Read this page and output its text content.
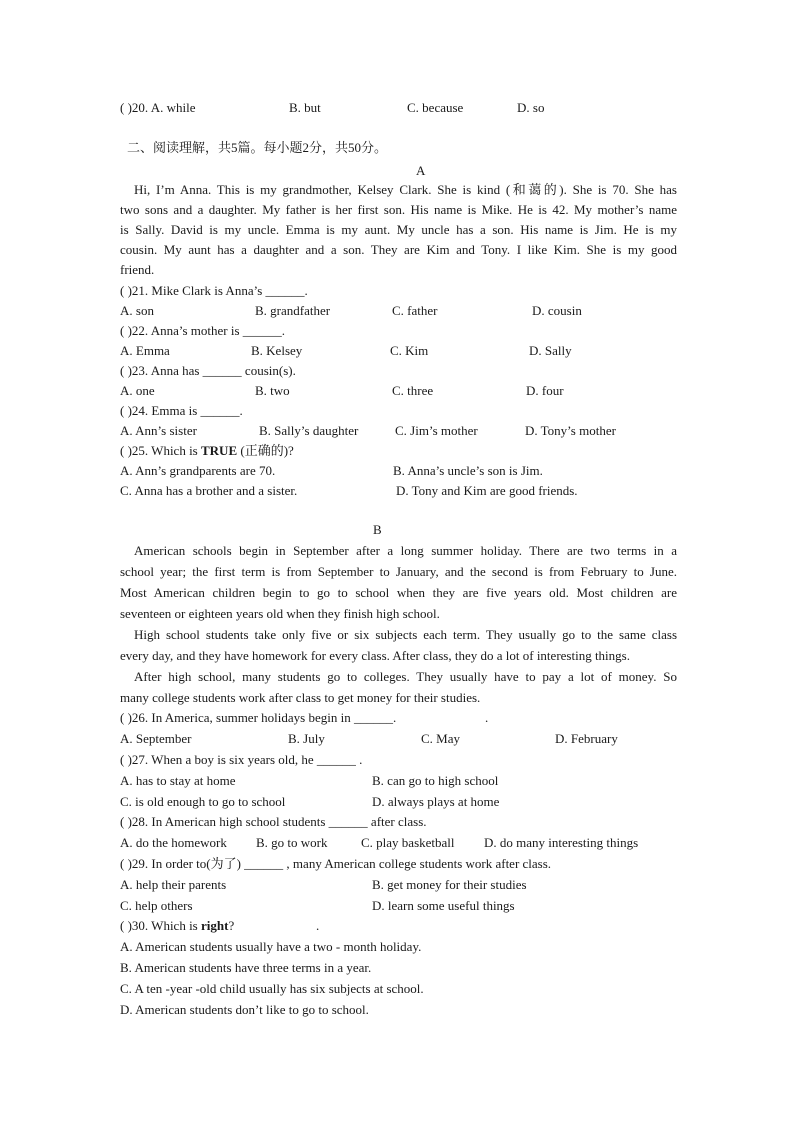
( )20. A. while	B. but	C. because	D. so
二、阅读理解，共5篇。每小题2分，共50分。
A
Hi, I’m Anna. This is my grandmother, Kelsey Clark. She is kind (和蔼的). She is 70. She has
two sons and a daughter. My father is her first son. His name is Mike. He is 42. My mother’s name
is Sally. David is my uncle. Emma is my aunt. My uncle has a son. His name is Jim. He is my
cousin. My aunt has a daughter and a son. They are Kim and Tony. I like Kim. She is my good
friend.
( )21. Mike Clark is Anna’s ______.
A. son	B. grandfather	C. father	D. cousin
( )22. Anna’s mother is ______.
A. Emma	B. Kelsey	C. Kim	D. Sally
( )23. Anna has ______ cousin(s).
A. one	B. two	C. three	D. four
( )24. Emma is ______.
A. Ann’s sister	B. Sally’s daughter	C. Jim’s mother	D. Tony’s mother
( )25. Which is TRUE (正确的)?
A. Ann’s grandparents are 70.	B. Anna’s uncle’s son is Jim.
C. Anna has a brother and a sister.	D. Tony and Kim are good friends.
B
American schools begin in September after a long summer holiday. There are two terms in a
school year; the first term is from September to January, and the second is from February to June.
Most American children begin to go to school when they are five years old. Most children are
seventeen or eighteen years old when they finish high school.
High school students take only five or six subjects each term. They usually go to the same class
every day, and they have homework for every class. After class, they do a lot of interesting things.
After high school, many students go to colleges. They usually have to pay a lot of money. So
many college students work after class to get money for their studies.
( )26. In America, summer holidays begin in ______.	.
A. September	B. July	C. May	D. February
( )27. When a boy is six years old, he ______ .
A. has to stay at home	B. can go to high school
C. is old enough to go to school	D. always plays at home
( )28. In American high school students ______ after class.
A. do the homework B. go to work	C. play basketball D. do many interesting things
( )29. In order to(为了) ______ , many American college students work after class.
A. help their parents	B. get money for their studies
C. help others	D. learn some useful things
( )30. Which is right?	.
A. American students usually have a two - month holiday.
B. American students have three terms in a year.
C. A ten -year -old child usually has six subjects at school.
D. American students don’t like to go to school.
